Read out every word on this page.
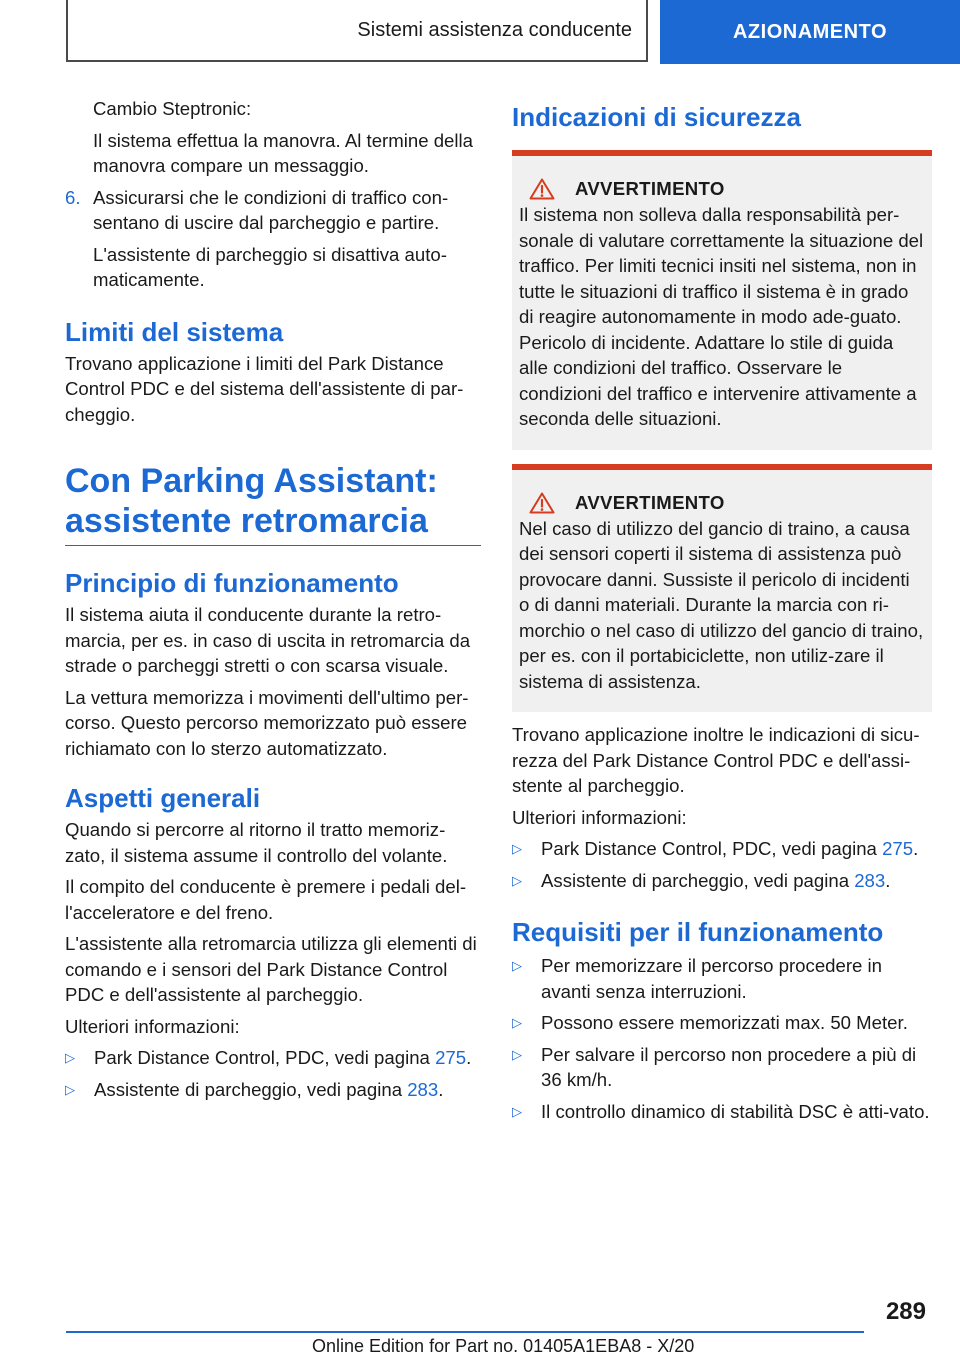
Sistemi assistenza conducente	AZIONAMENTO

Cambio Steptronic:

Il sistema effettua la manovra. Al termine della manovra compare un messaggio.

6. Assicurarsi che le condizioni di traffico con-sentano di uscire dal parcheggio e partire.

L'assistente di parcheggio si disattiva auto-maticamente.

Limiti del sistema

Trovano applicazione i limiti del Park Distance Control PDC e del sistema dell'assistente di par-cheggio.

Con Parking Assistant: assistente retromarcia
Principio di funzionamento

Il sistema aiuta il conducente durante la retro-marcia, per es. in caso di uscita in retromarcia da strade o parcheggi stretti o con scarsa visuale.

La vettura memorizza i movimenti dell'ultimo per-corso. Questo percorso memorizzato può essere richiamato con lo sterzo automatizzato.

Aspetti generali

Quando si percorre al ritorno il tratto memoriz-zato, il sistema assume il controllo del volante.

Il compito del conducente è premere i pedali del-l'acceleratore e del freno.

L'assistente alla retromarcia utilizza gli elementi di comando e i sensori del Park Distance Control PDC e dell'assistente al parcheggio.

Ulteriori informazioni:

▷	Park Distance Control, PDC, vedi pagina 275.

▷	Assistente di parcheggio, vedi pagina 283.

Indicazioni di sicurezza
AVVERTIMENTO

Il sistema non solleva dalla responsabilità per-sonale di valutare correttamente la situazione del traffico. Per limiti tecnici insiti nel sistema, non in tutte le situazioni di traffico il sistema è in grado di reagire autonomamente in modo ade-guato. Pericolo di incidente. Adattare lo stile di guida alle condizioni del traffico. Osservare le condizioni del traffico e intervenire attivamente a seconda delle situazioni.

AVVERTIMENTO

Nel caso di utilizzo del gancio di traino, a causa dei sensori coperti il sistema di assistenza può provocare danni. Sussiste il pericolo di incidenti o di danni materiali. Durante la marcia con ri-morchio o nel caso di utilizzo del gancio di traino, per es. con il portabiciclette, non utiliz-zare il sistema di assistenza.

Trovano applicazione inoltre le indicazioni di sicu-rezza del Park Distance Control PDC e dell'assi-stente al parcheggio.

Ulteriori informazioni:

▷	Park Distance Control, PDC, vedi pagina 275.

▷	Assistente di parcheggio, vedi pagina 283.

Requisiti per il funzionamento
▷	Per memorizzare il percorso procedere in avanti senza interruzioni.

▷	Possono essere memorizzati max. 50 Meter.

▷	Per salvare il percorso non procedere a più di 36 km/h.

▷	Il controllo dinamico di stabilità DSC è atti-vato.

289
Online Edition for Part no. 01405A1EBA8 - X/20
